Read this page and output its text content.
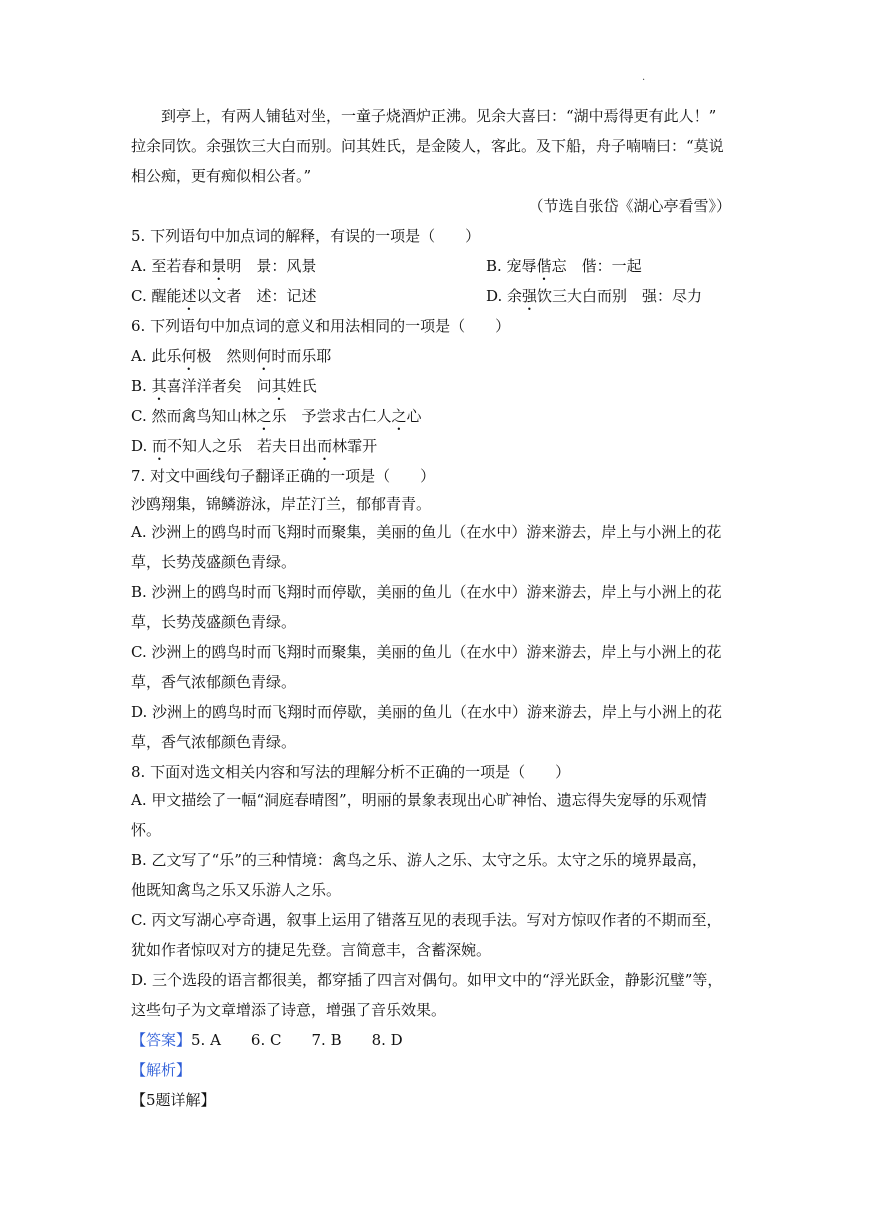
.
到亭上，有两人铺毡对坐，一童子烧酒炉正沸。见余大喜曰：“湖中焉得更有此人！”
拉余同饮。余强饮三大白而别。问其姓氏，是金陵人，客此。及下船，舟子喃喃曰：“莫说
相公痴，更有痴似相公者。”
（节选自张岱《湖心亭看雪》）
5. 下列语句中加点词的解释，有误的一项是（　　）
A. 至若春和景明　景：风景	B. 宠辱偕忘　偕：一起
C. 醒能述以文者　述：记述	D. 余强饮三大白而别　强：尽力
6. 下列语句中加点词的意义和用法相同的一项是（　　）
A. 此乐何极　然则何时而乐耶
B. 其喜洋洋者矣　问其姓氏
C. 然而禽鸟知山林之乐　予尝求古仁人之心
D. 而不知人之乐　若夫日出而林霏开
7. 对文中画线句子翻译正确的一项是（　　）
沙鸥翔集，锦鳞游泳，岸芷汀兰，郁郁青青。
A. 沙洲上的鸥鸟时而飞翔时而聚集，美丽的鱼儿（在水中）游来游去，岸上与小洲上的花
草，长势茂盛颜色青绿。
B. 沙洲上的鸥鸟时而飞翔时而停歇，美丽的鱼儿（在水中）游来游去，岸上与小洲上的花
草，长势茂盛颜色青绿。
C. 沙洲上的鸥鸟时而飞翔时而聚集，美丽的鱼儿（在水中）游来游去，岸上与小洲上的花
草，香气浓郁颜色青绿。
D. 沙洲上的鸥鸟时而飞翔时而停歇，美丽的鱼儿（在水中）游来游去，岸上与小洲上的花
草，香气浓郁颜色青绿。
8. 下面对选文相关内容和写法的理解分析不正确的一项是（　　）
A. 甲文描绘了一幅“洞庭春晴图”，明丽的景象表现出心旷神怡、遗忘得失宠辱的乐观情
怀。
B. 乙文写了“乐”的三种情境：禽鸟之乐、游人之乐、太守之乐。太守之乐的境界最高，
他既知禽鸟之乐又乐游人之乐。
C. 丙文写湖心亭奇遇，叙事上运用了错落互见的表现手法。写对方惊叹作者的不期而至，
犹如作者惊叹对方的捷足先登。言简意丰，含蓄深婉。
D. 三个选段的语言都很美，都穿插了四言对偶句。如甲文中的“浮光跃金，静影沉璧”等，
这些句子为文章增添了诗意，增强了音乐效果。
【答案】5. A　　6. C　　7. B　　8. D
【解析】
【5题详解】
